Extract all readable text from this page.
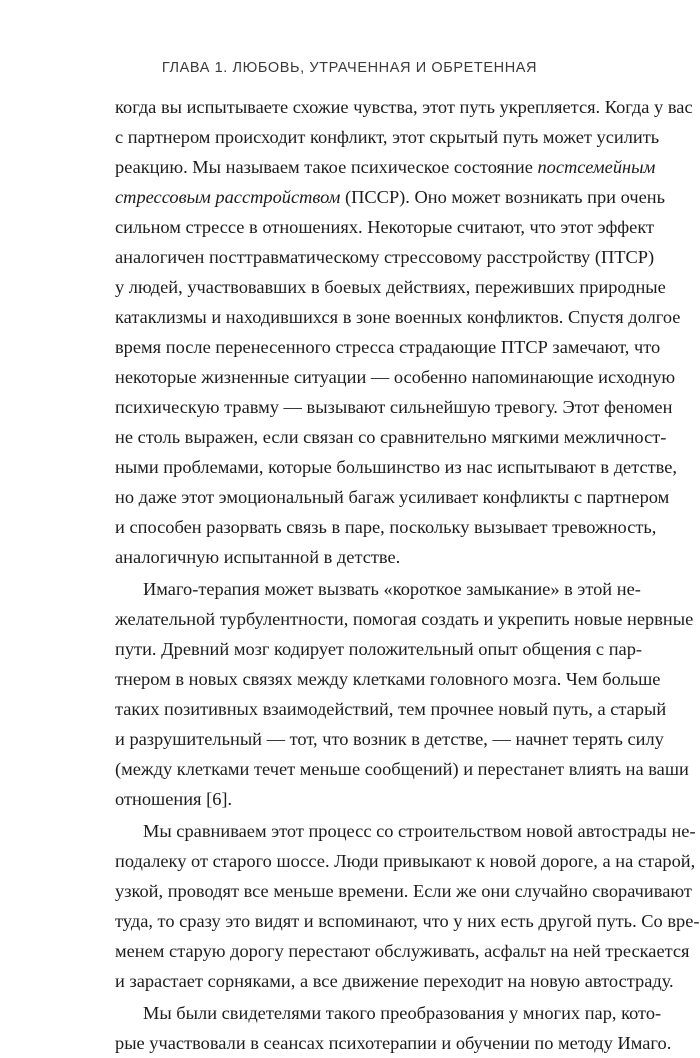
ГЛАВА 1. ЛЮБОВЬ, УТРАЧЕННАЯ И ОБРЕТЕННАЯ
когда вы испытываете схожие чувства, этот путь укрепляется. Когда у вас
с партнером происходит конфликт, этот скрытый путь может усилить
реакцию. Мы называем такое психическое состояние постсемейным
стрессовым расстройством (ПССР). Оно может возникать при очень
сильном стрессе в отношениях. Некоторые считают, что этот эффект
аналогичен посттравматическому стрессовому расстройству (ПТСР)
у людей, участвовавших в боевых действиях, переживших природные
катаклизмы и находившихся в зоне военных конфликтов. Спустя долгое
время после перенесенного стресса страдающие ПТСР замечают, что
некоторые жизненные ситуации — особенно напоминающие исходную
психическую травму — вызывают сильнейшую тревогу. Этот феномен
не столь выражен, если связан со сравнительно мягкими межличност-
ными проблемами, которые большинство из нас испытывают в детстве,
но даже этот эмоциональный багаж усиливает конфликты с партнером
и способен разорвать связь в паре, поскольку вызывает тревожность,
аналогичную испытанной в детстве.
Имаго-терапия может вызвать «короткое замыкание» в этой не-
желательной турбулентности, помогая создать и укрепить новые нервные
пути. Древний мозг кодирует положительный опыт общения с пар-
тнером в новых связях между клетками головного мозга. Чем больше
таких позитивных взаимодействий, тем прочнее новый путь, а старый
и разрушительный — тот, что возник в детстве, — начнет терять силу
(между клетками течет меньше сообщений) и перестанет влиять на ваши
отношения [6].
Мы сравниваем этот процесс со строительством новой автострады не-
подалеку от старого шоссе. Люди привыкают к новой дороге, а на старой,
узкой, проводят все меньше времени. Если же они случайно сворачивают
туда, то сразу это видят и вспоминают, что у них есть другой путь. Со вре-
менем старую дорогу перестают обслуживать, асфальт на ней трескается
и зарастает сорняками, а все движение переходит на новую автостраду.
Мы были свидетелями такого преобразования у многих пар, кото-
рые участвовали в сеансах психотерапии и обучении по методу Имаго.
